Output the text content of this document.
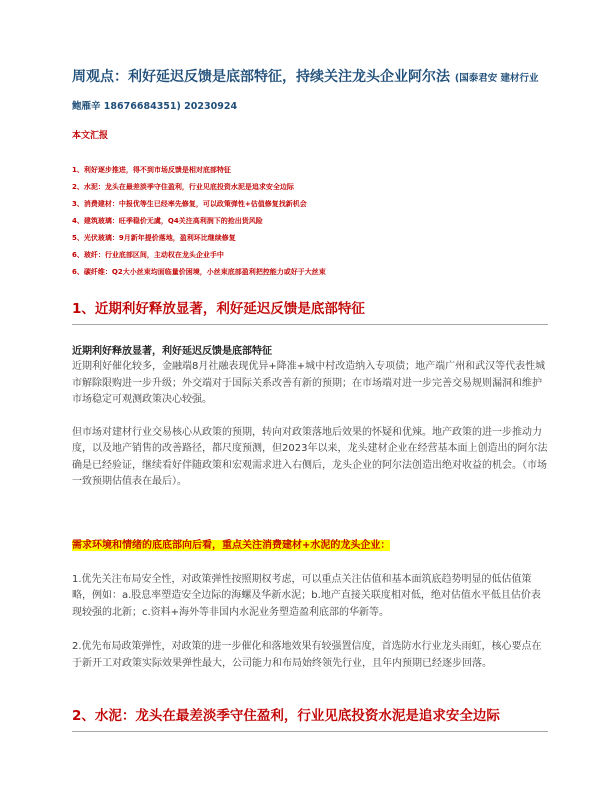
周观点：利好延迟反馈是底部特征，持续关注龙头企业阿尔法 (国泰君安 建材行业 鲍雁辛 18676684351) 20230924
本文汇报
1、利好逐步推进，得不到市场反馈是相对底部特征
2、水泥：龙头在最差淡季守住盈利，行业见底投资水泥是追求安全边际
3、消费建材：中报优等生已经率先修复，可以政策弹性+估值修复找新机会
4、建筑玻璃：旺季稳价无虞，Q4关注高利润下的抢出货风险
5、光伏玻璃：9月新年提价落地，盈利环比继续修复
6、玻纤：行业底部区间，主动权在龙头企业手中
6、碳纤维：Q2大小丝束均面临量价困境，小丝束底部盈利把控能力或好于大丝束
1、近期利好释放显著，利好延迟反馈是底部特征

近期利好释放显著，利好延迟反馈是底部特征

近期利好催化较多，金融端8月社融表现优异+降准+城中村改造纳入专项债；地产端广州和武汉等代表性城市解除限购进一步升级；外交端对于国际关系改善有新的预期；在市场端对进一步完善交易规则漏洞和维护市场稳定可观测政策决心较强。

但市场对建材行业交易核心从政策的预期，转向对政策落地后效果的怀疑和优辣。地产政策的进一步推动力度，以及地产销售的改善路径，都尺度预测，但2023年以来，龙头建材企业在经营基本面上创造出的阿尔法确是已经验证，继续看好伴随政策和宏观需求进入右侧后，龙头企业的阿尔法创造出绝对收益的机会。（市场一致预期估值表在最后）。

需求环境和情绪的底底部向后看，重点关注消费建材+水泥的龙头企业：

1.优先关注布局安全性，对政策弹性按照期权考虑，可以重点关注估值和基本面筑底趋势明显的低估值策略，例如：a.股息率塑造安全边际的海螺及华新水泥；b.地产直接关联度相对低，绝对估值水平低且估价表现较强的北新；c.资料+海外等非国内水泥业务塑造盈利底部的华新等。

2.优先布局政策弹性，对政策的进一步催化和落地效果有较强置信度，首选防水行业龙头雨虹，核心要点在于新开工对政策实际效果弹性最大，公司能力和布局始终领先行业，且年内预期已经逐步回落。

2、水泥：龙头在最差淡季守住盈利，行业见底投资水泥是追求安全边际
